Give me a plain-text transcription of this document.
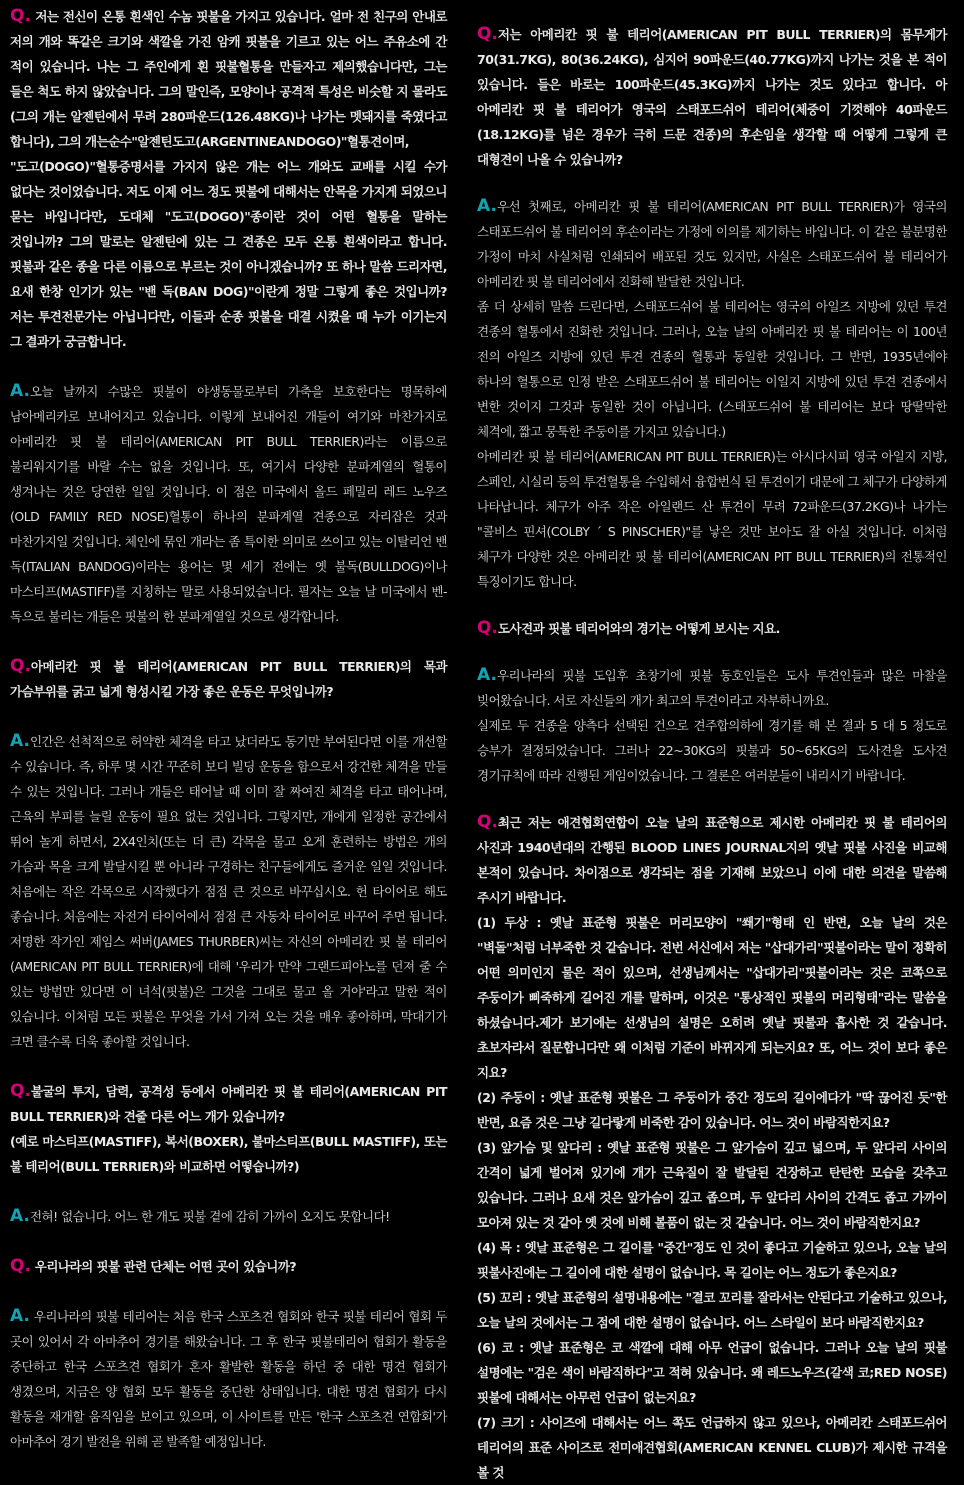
Q. 저는 전신이 온통 흰색인 수놈 핏불을 가지고 있습니다. 얼마 전 친구의 안내로 저의 개와 똑같은 크기와 색깔을 가진 암캐 핏불을 기르고 있는 어느 주유소에 간 적이 있습니다. 나는 그 주인에게 흰 핏불혈통을 만들자고 제의했습니다만, 그는 들은 척도 하지 않았습니다. 그의 말인즉, 모양이나 공격적 특성은 비슷할 지 몰라도(그의 개는 알젠틴에서 무려 280파운드(126.48KG)나 나가는 멧돼지를 죽였다고 합니다), 그의 개는순수"알젠틴도고(ARGENTINEANDOGO)"혈통견이며,

"도고(DOGO)"혈통증명서를 가지지 않은 개는 어느 개와도 교배를 시킬 수가 없다는 것이었습니다. 저도 이제 어느 정도 핏불에 대해서는 안목을 가지게 되었으니 묻는 바입니다만, 도대체 "도고(DOGO)"종이란 것이 어떤 혈통을 말하는 것입니까? 그의 말로는 알젠틴에 있는 그 견종은 모두 온통 흰색이라고 합니다. 핏불과 같은 종을 다른 이름으로 부르는 것이 아니겠습니까? 또 하나 말씀 드리자면, 요새 한창 인기가 있는 "밴 독(BAN DOG)"이란게 정말 그렇게 좋은 것입니까? 저는 투견전문가는 아닙니다만, 이들과 순종 핏불을 대결 시켰을 때 누가 이기는지 그 결과가 궁금합니다.

A.오늘 날까지 수많은 핏불이 야생동물로부터 가축을 보호한다는 명목하에 남아메리카로 보내어지고 있습니다. 이렇게 보내어진 개들이 여기와 마찬가지로 아메리칸 핏 불 테리어(AMERICAN PIT BULL TERRIER)라는 이름으로 불리워지기를 바랄 수는 없을 것입니다. 또, 여기서 다양한 분파계열의 혈통이 생겨나는 것은 당연한 일일 것입니다. 이 점은 미국에서 올드 페밀리 레드 노우즈(OLD FAMILY RED NOSE)혈통이 하나의 분파계열 견종으로 자리잡은 것과 마찬가지일 것입니다. 체인에 묶인 개라는 좀 특이한 의미로 쓰이고 있는 이탈리언 밴 독(ITALIAN BANDOG)이라는 용어는 몇 세기 전에는 옛 불독(BULLDOG)이나 마스티프(MASTIFF)를 지칭하는 말로 사용되었습니다. 필자는 오늘 날 미국에서 벤-독으로 불리는 개들은 핏불의 한 분파계열일 것으로 생각합니다.

Q.아메리칸 핏 불 테리어(AMERICAN PIT BULL TERRIER)의 목과 가슴부위를 굵고 넓게 형성시킬 가장 좋은 운동은 무엇입니까?

A.인간은 선척적으로 허약한 체격을 타고 났더라도 동기만 부여된다면 이를 개선할 수 있습니다. 즉, 하루 몇 시간 꾸준히 보디 빌딩 운동을 함으로서 강건한 체격을 만들 수 있는 것입니다. 그러나 개들은 태어날 때 이미 잘 짜여진 체격을 타고 태어나며, 근육의 부피를 늘릴 운동이 필요 없는 것입니다. 그렇지만, 개에게 일정한 공간에서 뛰어 놀게 하면서, 2X4인치(또는 더 큰) 각목을 물고 오게 훈련하는 방법은 개의 가슴과 목을 크게 발달시킬 뿐 아니라 구경하는 친구들에게도 즐거운 일일 것입니다. 처음에는 작은 각목으로 시작했다가 점점 큰 것으로 바꾸십시오. 헌 타이어로 해도 좋습니다. 처음에는 자전거 타이어에서 점점 큰 자동차 타이어로 바꾸어 주면 됩니다. 저명한 작가인 제임스 써버(JAMES THURBER)씨는 자신의 아메리칸 핏 불 테리어(AMERICAN PIT BULL TERRIER)에 대해 '우리가 만약 그랜드피아노를 던져 줄 수 있는 방법만 있다면 이 녀석(핏불)은 그것을 그대로 물고 올 거야'라고 말한 적이 있습니다. 이처럼 모든 핏불은 무엇을 가서 가져 오는 것을 매우 좋아하며, 막대기가 크면 클수록 더욱 좋아할 것입니다.

Q.불굴의 투지, 담력, 공격성 등에서 아메리칸 핏 불 테리어(AMERICAN PIT BULL TERRIER)와 견줄 다른 어느 개가 있습니까?

(예로 마스티프(MASTIFF), 복서(BOXER), 불마스티프(BULL MASTIFF), 또는 불 테리어(BULL TERRIER)와 비교하면 어떻습니까?)

A.전혀! 없습니다. 어느 한 개도 핏불 곁에 감히 가까이 오지도 못합니다!

Q. 우리나라의 핏불 관련 단체는 어떤 곳이 있습니까?

A. 우리나라의 핏불 테리어는 처음 한국 스포츠견 협회와 한국 핏불 테리어 협회 두 곳이 있어서 각 아마추어 경기를 해왔습니다. 그 후 한국 핏불테리어 협회가 활동을 중단하고 한국 스포츠견 협회가 혼자 활발한 활동을 하던 중 대한 명견 협회가 생겼으며, 지금은 양 협회 모두 활동을 중단한 상태입니다. 대한 명견 협회가 다시 활동을 재개할 움직임을 보이고 있으며, 이 사이트를 만든 '한국 스포츠견 연합회'가 아마추어 경기 발전을 위해 곧 발족할 예정입니다.

Q.저는 아메리칸 핏 불 테리어(AMERICAN PIT BULL TERRIER)의 몸무게가 70(31.7KG), 80(36.24KG), 심지어 90파운드(40.77KG)까지 나가는 것을 본 적이 있습니다. 들은 바로는 100파운드(45.3KG)까지 나가는 것도 있다고 합니다. 아 아메리칸 핏 불 테리어가 영국의 스태포드쉬어 테리어(체중이 기껏해야 40파운드(18.12KG)를 넘은 경우가 극히 드문 견종)의 후손임을 생각할 때 어떻게 그렇게 큰 대형견이 나올 수 있습니까?

A.우선 첫째로, 아메리칸 핏 불 테리어(AMERICAN PIT BULL TERRIER)가 영국의 스태포드쉬어 불 테리어의 후손이라는 가정에 이의를 제기하는 바입니다. 이 같은 불분명한 가정이 마치 사실처럼 인쇄되어 배포된 것도 있지만, 사실은 스태포드쉬어 불 테리어가 아메리칸 핏 불 테리어에서 진화해 발달한 것입니다.

좀 더 상세히 말씀 드린다면, 스태포드쉬어 불 테리어는 영국의 아일즈 지방에 있던 투견 견종의 혈통에서 진화한 것입니다. 그러나, 오늘 날의 아메리칸 핏 불 테리어는 이 100년 전의 아일즈 지방에 있던 투견 견종의 혈통과 동일한 것입니다. 그 반면, 1935년에야 하나의 혈통으로 인정 받은 스태포드쉬어 불 테리어는 이일지 지방에 있던 투견 견종에서 변한 것이지 그것과 동일한 것이 아닙니다. (스태포드쉬어 불 테리어는 보다 땅딸막한 체격에, 짧고 뭉툭한 주둥이를 가지고 있습니다.)

아메리칸 핏 불 테리어(AMERICAN PIT BULL TERRIER)는 아시다시피 영국 아일지 지방, 스페인, 시실리 등의 투견혈통을 수입해서 융합번식 된 투견이기 대문에 그 체구가 다양하게 나타납니다. 체구가 아주 작은 아일랜드 산 투견이 무려 72파운드(37.2KG)나 나가는 "콜비스 핀셔(COLBY ´ S PINSCHER)"를 낳은 것만 보아도 잘 아실 것입니다. 이처럼 체구가 다양한 것은 아메리칸 핏 불 테리어(AMERICAN PIT BULL TERRIER)의 전통적인 특징이기도 합니다.

Q.도사견과 핏불 테리어와의 경기는 어떻게 보시는 지요.

A.우리나라의 핏불 도입후 초창기에 핏불 동호인들은 도사 투견인들과 많은 마찰을 빚어왔습니다. 서로 자신들의 개가 최고의 투견이라고 자부하니까요.

실제로 두 견종을 양측다 선택된 건으로 견주합의하에 경기를 해 본 결과 5 대 5 정도로 승부가 결정되었습니다. 그러나 22~30KG의 핏불과 50~65KG의 도사견을 도사견 경기규칙에 따라 진행된 게임이었습니다. 그 결론은 여러분들이 내리시기 바랍니다.

Q.최근 저는 애견협회연합이 오늘 날의 표준형으로 제시한 아메리칸 핏 불 테리어의 사진과 1940년대의 간행된 BLOOD LINES JOURNAL지의 옛날 핏불 사진을 비교해 본적이 있습니다. 차이점으로 생각되는 점을 기재해 보았으니 이에 대한 의견을 말씀해 주시기 바랍니다.

(1) 두상 : 옛날 표준형 핏불은 머리모양이 "쐐기"형태 인 반면, 오늘 날의 것은 "벽돌"처럼 너부죽한 것 같습니다. 전번 서신에서 저는 "삽대가리"핏불이라는 말이 정확히 어떤 의미인지 물은 적이 있으며, 선생님께서는 "삽대가리"핏불이라는 것은 코쪽으로 주둥이가 삐죽하게 길어진 개를 말하며, 이것은 "통상적인 핏불의 머리형태"라는 말씀을 하셨습니다.제가 보기에는 선생님의 설명은 오히려 옛날 핏불과 흡사한 것 같습니다. 초보자라서 질문합니다만 왜 이처럼 기준이 바뀌지게 되는지요? 또, 어느 것이 보다 좋은 지요?

(2) 주둥이 : 옛날 표준형 핏불은 그 주둥이가 중간 정도의 길이에다가 "딱 끊어진 듯"한 반면, 요즘 것은 그냥 길다랗게 비죽한 감이 있습니다. 어느 것이 바람직한지요?

(3) 앞가슴 및 앞다리 : 옛날 표준형 핏불은 그 앞가슴이 깊고 넓으며, 두 앞다리 사이의 간격이 넓게 벌어져 있기에 개가 근육질이 잘 발달된 건장하고 탄탄한 모습을 갖추고 있습니다. 그러나 요새 것은 앞가슴이 깊고 좁으며, 두 앞다리 사이의 간격도 좁고 가까이 모아져 있는 것 같아 옛 것에 비해 볼품이 없는 것 같습니다. 어느 것이 바람직한지요?

(4) 목 : 옛날 표준형은 그 길이를 "중간"정도 인 것이 좋다고 기술하고 있으나, 오늘 날의 핏불사진에는 그 길이에 대한 설명이 없습니다. 목 길이는 어느 정도가 좋은지요?

(5) 꼬리 : 옛날 표준형의 설명내용에는 "결코 꼬리를 잘라서는 안된다고 기술하고 있으나, 오늘 날의 것에서는 그 점에 대한 설명이 없습니다. 어느 스타일이 보다 바람직한지요?

(6) 코 : 옛날 표준형은 코 색깔에 대해 아무 언급이 없습니다. 그러나 오늘 날의 핏불 설명에는 "검은 색이 바람직하다"고 적혀 있습니다. 왜 레드노우즈(갈색 코;RED NOSE)핏불에 대해서는 아무런 언급이 없는지요?

(7) 크기 : 사이즈에 대해서는 어느 쪽도 언급하지 않고 있으나, 아메리칸 스태포드쉬어 테리어의 표준 사이즈로 전미애견협회(AMERICAN KENNEL CLUB)가 제시한 규격을 볼 것
